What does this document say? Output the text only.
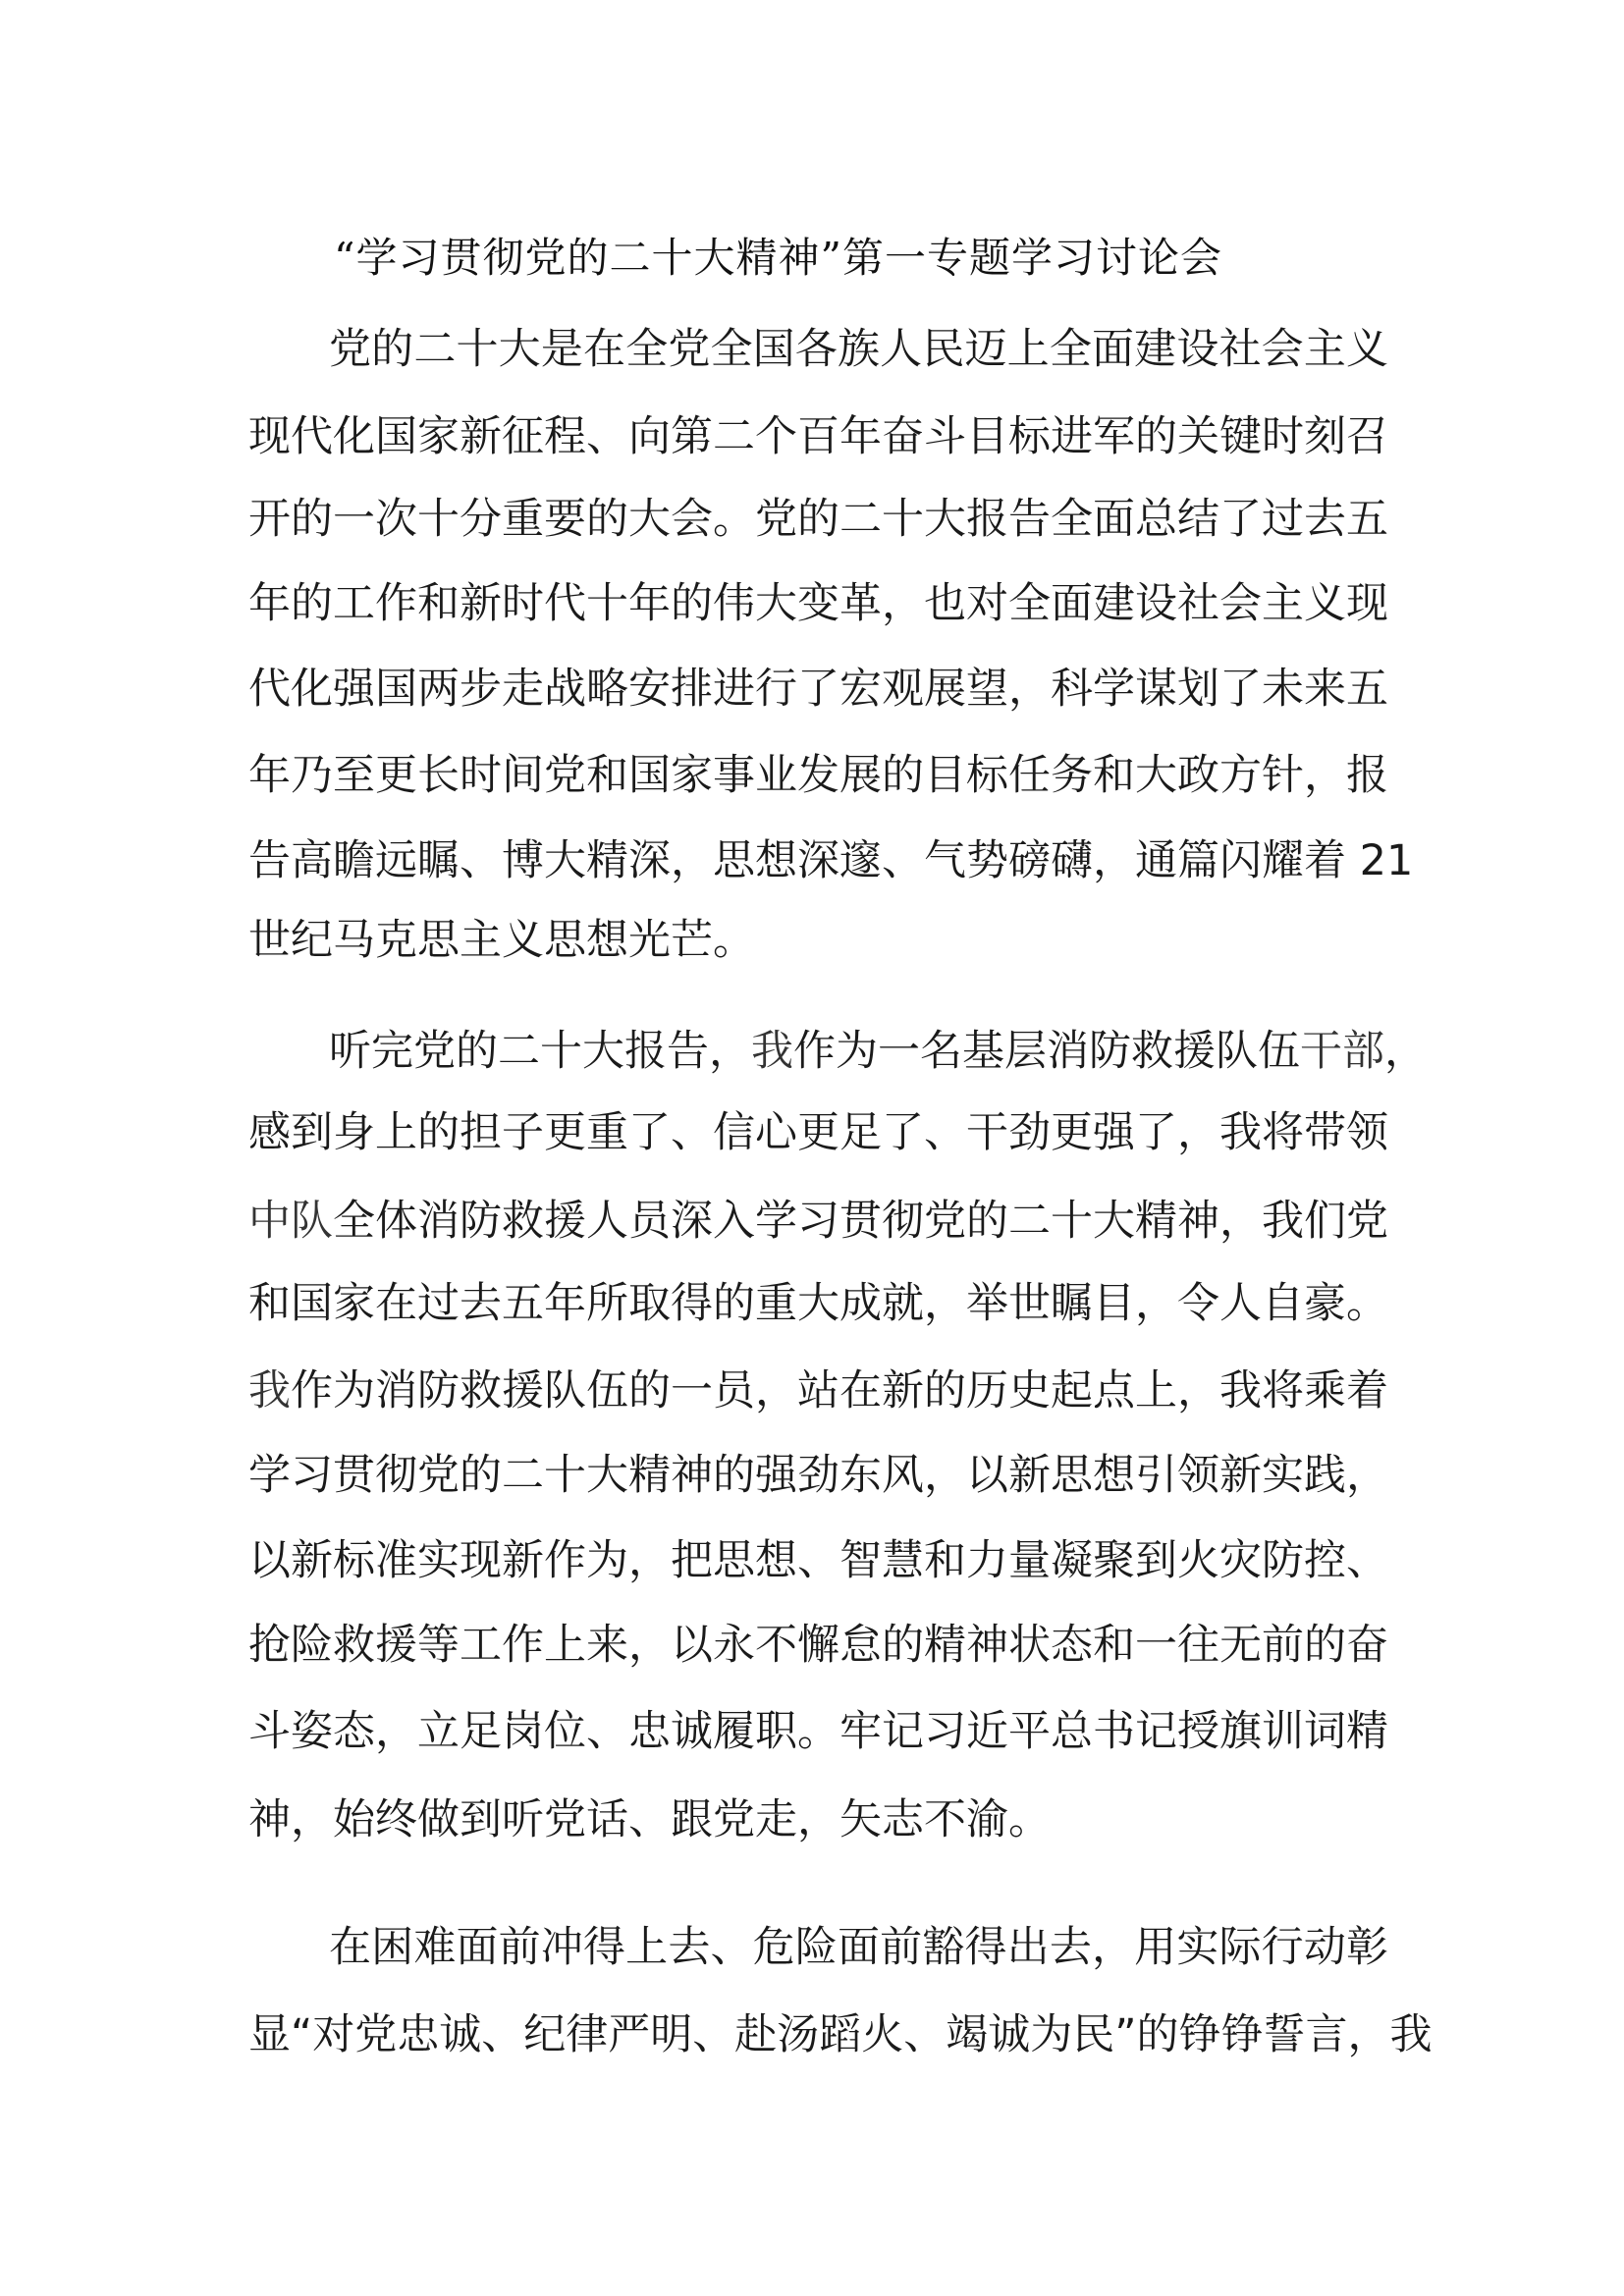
“学习贯彻党的二十大精神”第一专题学习讨论会
党的二十大是在全党全国各族人民迈上全面建设社会主义
现代化国家新征程、向第二个百年奋斗目标进军的关键时刻召
开的一次十分重要的大会。党的二十大报告全面总结了过去五
年的工作和新时代十年的伟大变革，也对全面建设社会主义现
代化强国两步走战略安排进行了宏观展望，科学谋划了未来五
年乃至更长时间党和国家事业发展的目标任务和大政方针，报
告高瞻远瞩、博大精深，思想深邃、气势磅礴，通篇闪耀着 21
世纪马克思主义思想光芒。
听完党的二十大报告，我作为一名基层消防救援队伍干部，
感到身上的担子更重了、信心更足了、干劲更强了，我将带领
中队全体消防救援人员深入学习贯彻党的二十大精神，我们党
和国家在过去五年所取得的重大成就，举世瞩目，令人自豪。
我作为消防救援队伍的一员，站在新的历史起点上，我将乘着
学习贯彻党的二十大精神的强劲东风，以新思想引领新实践，
以新标准实现新作为，把思想、智慧和力量凝聚到火灾防控、
抢险救援等工作上来，以永不懈怠的精神状态和一往无前的奋
斗姿态，立足岗位、忠诚履职。牢记习近平总书记授旗训词精
神，始终做到听党话、跟党走，矢志不渝。
在困难面前冲得上去、危险面前豁得出去，用实际行动彰
显“对党忠诚、纪律严明、赴汤蹈火、竭诚为民”的铮铮誓言，我
